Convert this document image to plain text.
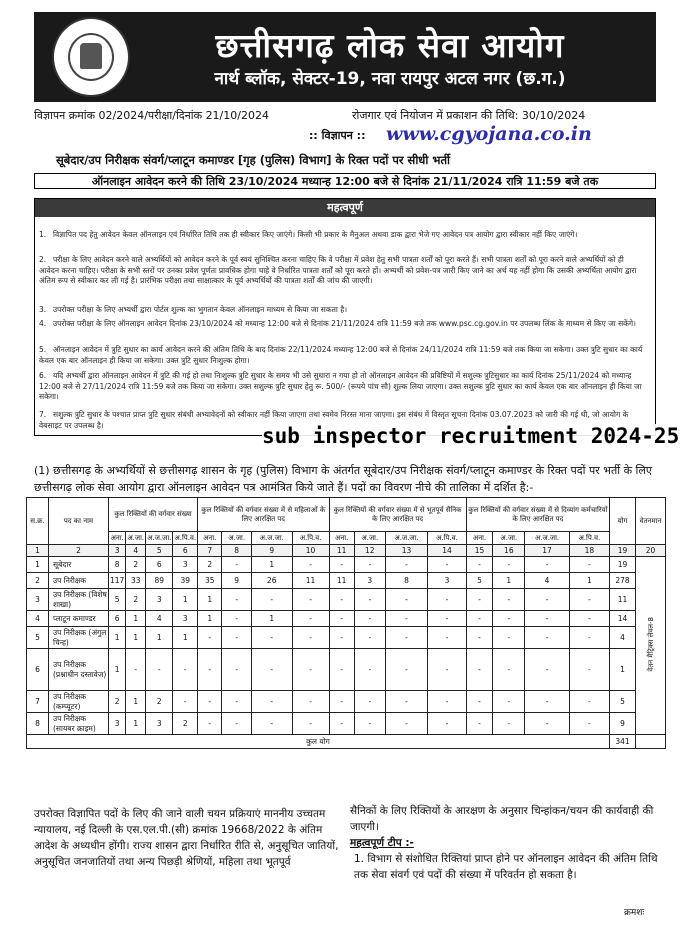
छत्तीसगढ़ लोक सेवा आयोग
नार्थ ब्लॉक, सेक्टर-19, नवा रायपुर अटल नगर (छ.ग.)
विज्ञापन क्रमांक 02/2024/परीक्षा/दिनांक 21/10/2024	रोजगार एवं नियोजन में प्रकाशन की तिथि: 30/10/2024
:: विज्ञापन :: www.cgyojana.co.in
सूबेदार/उप निरीक्षक संवर्ग/प्लाटून कमाण्डर [गृह (पुलिस) विभाग] के रिक्त पदों पर सीधी भर्ती
ऑनलाइन आवेदन करने की तिथि 23/10/2024 मध्यान्ह 12:00 बजे से दिनांक 21/11/2024 रात्रि 11:59 बजे तक
महत्वपूर्ण
1. विज्ञापित पद हेतु आवेदन केवल ऑनलाइन एवं निर्धारित तिथि तक ही स्वीकार किए जाएंगे। किसी भी प्रकार के मैनुअल अथवा डाक द्वारा भेजे गए आवेदन पत्र आयोग द्वारा स्वीकार नहीं किए जाएंगे।
2. परीक्षा के लिए आवेदन करने वाले अभ्यर्थियों को आवेदन करने के पूर्व स्वयं सुनिश्चित करना चाहिए कि वे परीक्षा में प्रवेश हेतु सभी पात्रता शर्तों को पूरा करते हैं। सभी पात्रता शर्तों को पूरा करने वाले अभ्यर्थियों को ही आवेदन करना चाहिए। परीक्षा के सभी स्तरों पर उनका प्रवेश पूर्णतः प्रावधिक होगा चाहे वे निर्धारित पात्रता शर्तों को पूरा करते हों। अभ्यर्थी को प्रवेश-पत्र जारी किए जाने का अर्थ यह नहीं होगा कि उसकी अभ्यर्थिता आयोग द्वारा अंतिम रूप से स्वीकार कर ली गई है। प्रारंभिक परीक्षा तथा साक्षात्कार के पूर्व अभ्यर्थियों की पात्रता शर्तों की जांच की जाएगी।
3. उपरोक्त परीक्षा के लिए अभ्यर्थी द्वारा पोर्टल शुल्क का भुगतान केवल ऑनलाइन माध्यम से किया जा सकता है।
4. उपरोक्त परीक्षा के लिए ऑनलाइन आवेदन दिनांक 23/10/2024 को मध्यान्ह 12:00 बजे से दिनांक 21/11/2024 रात्रि 11:59 बजे तक www.psc.cg.gov.in पर उपलब्ध लिंक के माध्यम से किए जा सकेंगे।
5. ऑनलाइन आवेदन में त्रुटि सुधार का कार्य आवेदन करने की अंतिम तिथि के बाद दिनांक 22/11/2024 मध्यान्ह 12:00 बजे से दिनांक 24/11/2024 रात्रि 11:59 बजे तक किया जा सकेगा। उक्त त्रुटि सुधार का कार्य केवल एक बार ऑनलाइन ही किया जा सकेगा। उक्त त्रुटि सुधार निःशुल्क होगा।
6. यदि अभ्यर्थी द्वारा ऑनलाइन आवेदन में त्रुटि की गई हो तथा निःशुल्क त्रुटि सुधार के समय भी उसे सुधारा न गया हो तो ऑनलाइन आवेदन की प्रविष्टियों में सशुल्क त्रुटिसुधार का कार्य दिनांक 25/11/2024 को मध्यान्ह 12:00 बजे से 27/11/2024 रात्रि 11:59 बजे तक किया जा सकेगा। उक्त सशुल्क त्रुटि सुधार हेतु रू. 500/- (रूपये पांच सौ) शुल्क लिया जाएगा। उक्त सशुल्क त्रुटि सुधार का कार्य केवल एक बार ऑनलाइन ही किया जा सकेगा।
7. सशुल्क त्रुटि सुधार के पश्चात प्राप्त त्रुटि सुधार संबंधी अभ्यावेदनों को स्वीकार नहीं किया जाएगा तथा स्वमेव निरस्त माना जाएगा। इस संबंध में विस्तृत सूचना दिनांक 03.07.2023 को जारी की गई थी, जो आयोग के वेबसाइट पर उपलब्ध है।	sub inspector recruitment 2024-25
(1) छत्तीसगढ़ के अभ्यर्थियों से छत्तीसगढ़ शासन के गृह (पुलिस) विभाग के अंतर्गत सूबेदार/उप निरीक्षक संवर्ग/प्लाटून कमाण्डर के रिक्त पदों पर भर्ती के लिए छत्तीसगढ़ लोक सेवा आयोग द्वारा ऑनलाइन आवेदन पत्र आमंत्रित किये जाते हैं। पदों का विवरण नीचे की तालिका में दर्शित है:-
स.क्र.	पद का नाम	कुल रिक्तियों की वर्गवार संख्या				कुल रिक्तियों की वर्गवार संख्या में से महिलाओं के लिए आरक्षित पद				कुल रिक्तियों की वर्गवार संख्या में से भूतपूर्व सैनिक के लिए आरक्षित पद				कुल रिक्तियों की वर्गवार संख्या में से दिव्यांग कर्मचारियों के लिए आरक्षित पद				योग	वेतनमान
		अना.	अ.जा.	अ.ज.जा.	अ.पि.व.	अना.	अ.जा.	अ.ज.जा.	अ.पि.व.	अना.	अ.जा.	अ.ज.जा.	अ.पि.व.	अना.	अ.जा.	अ.ज.जा.	अ.पि.व.		
1	2	3	4	5	6	7	8	9	10	11	12	13	14	15	16	17	18	19	20
1	सूबेदार	8	2	6	3	2	-	1	-	-	-	-	-	-	-	-	-	19	वेतन मैट्रिक्स लेवल-8
2	उप निरीक्षक	117	33	89	39	35	9	26	11	11	3	8	3	5	1	4	1	278	
3	उप निरीक्षक (विशेष शाखा)	5	2	3	1	1	-	-	-	-	-	-	-	-	-	-	-	11	
4	प्लाटून कमाण्डर	6	1	4	3	1	-	1	-	-	-	-	-	-	-	-	-	14	
5	उप निरीक्षक (अंगुल चिन्ह)	1	1	1	1	-	-	-	-	-	-	-	-	-	-	-	-	4	
6	उप निरीक्षक (प्रश्नाधीन दस्तावेज)	1	-	-	-	-	-	-	-	-	-	-	-	-	-	-	-	1	
7	उप निरीक्षक (कम्प्यूटर)	2	1	2	-	-	-	-	-	-	-	-	-	-	-	-	-	5	
8	उप निरीक्षक (सायबर क्राइम)	3	1	3	2	-	-	-	-	-	-	-	-	-	-	-	-	9	
कुल योग																		341	
उपरोक्त विज्ञापित पदों के लिए की जाने वाली चयन प्रक्रियाएं माननीय उच्चतम न्यायालय, नई दिल्ली के एस.एल.पी.(सी) क्रमांक 19668/2022 के अंतिम आदेश के अध्यधीन होंगी। राज्य शासन द्वारा निर्धारित रीति से, अनुसूचित जातियों, अनुसूचित जनजातियों तथा अन्य पिछड़ी श्रेणियों, महिला तथा भूतपूर्व
सैनिकों के लिए रिक्तियों के आरक्षण के अनुसार चिन्हांकन/चयन की कार्यवाही की जाएगी।
महत्वपूर्ण टीप :-
1. विभाग से संशोधित रिक्तियां प्राप्त होने पर ऑनलाइन आवेदन की अंतिम तिथि तक सेवा संवर्ग एवं पदों की संख्या में परिवर्तन हो सकता है।
क्रमशः
